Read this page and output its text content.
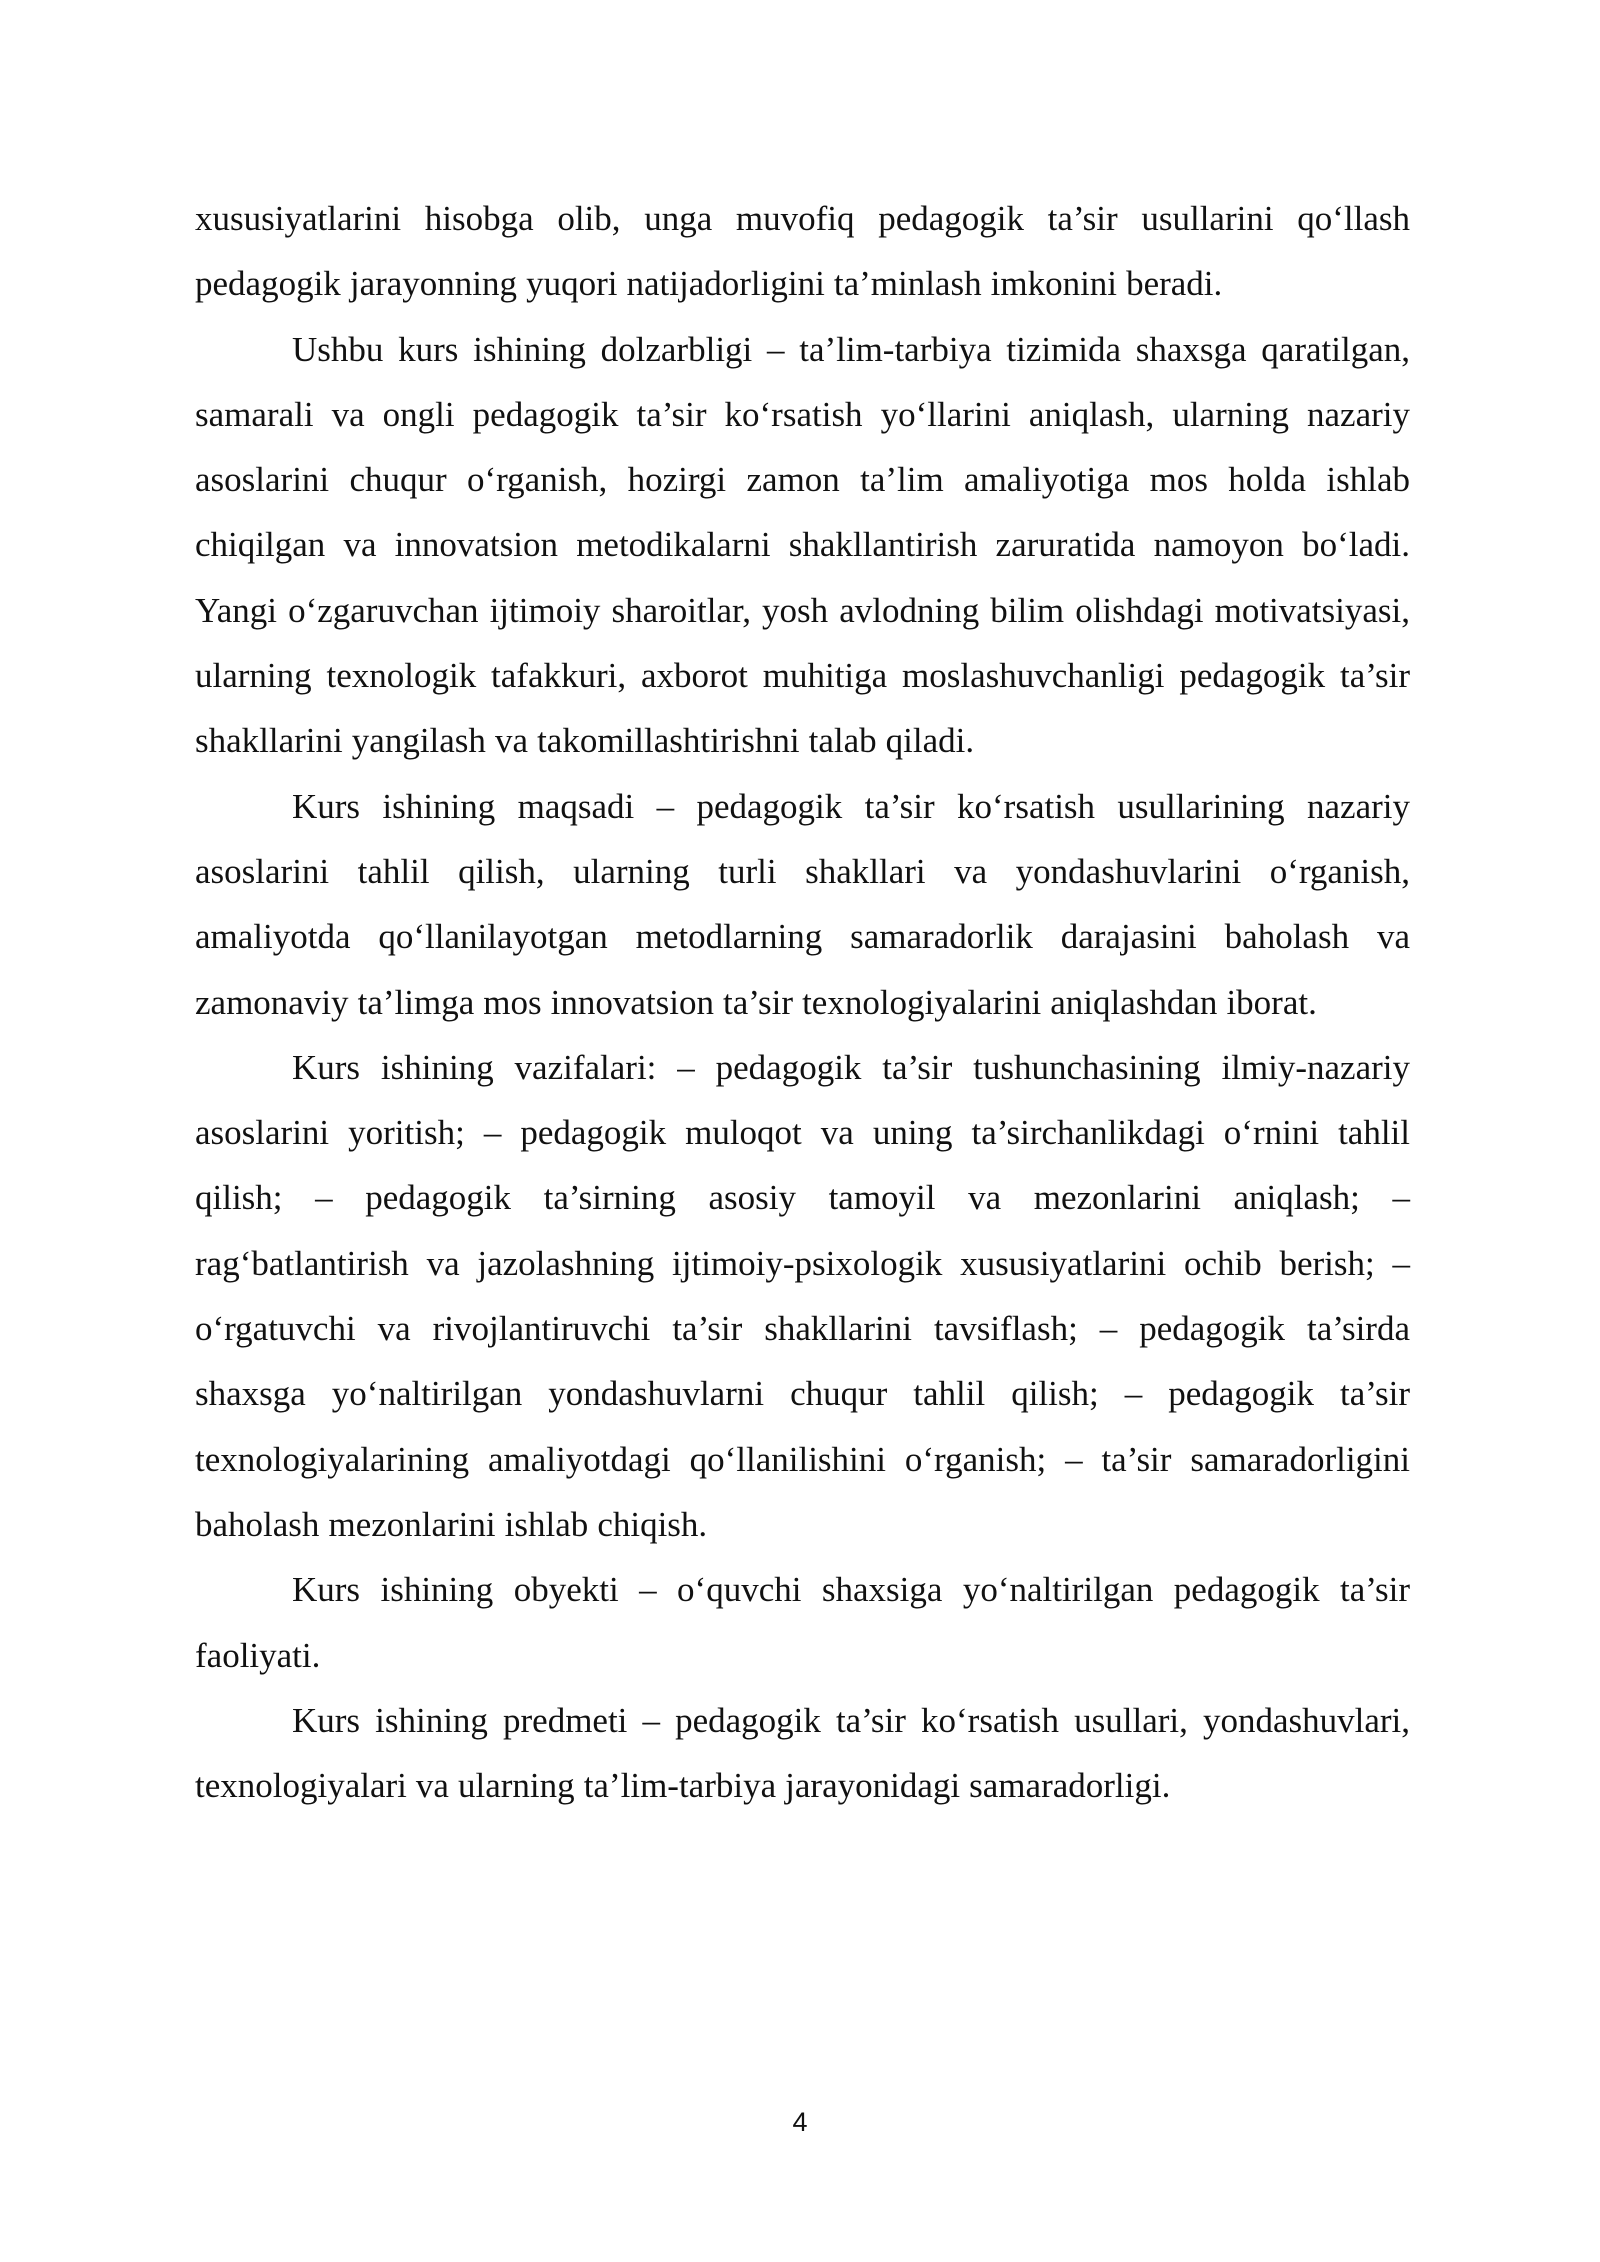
xususiyatlarini hisobga olib, unga muvofiq pedagogik ta’sir usullarini qo‘llash pedagogik jarayonning yuqori natijadorligini ta’minlash imkonini beradi.

Ushbu kurs ishining dolzarbligi – ta’lim-tarbiya tizimida shaxsga qaratilgan, samarali va ongli pedagogik ta’sir ko‘rsatish yo‘llarini aniqlash, ularning nazariy asoslarini chuqur o‘rganish, hozirgi zamon ta’lim amaliyotiga mos holda ishlab chiqilgan va innovatsion metodikalarni shakllantirish zaruratida namoyon bo‘ladi. Yangi o‘zgaruvchan ijtimoiy sharoitlar, yosh avlodning bilim olishdagi motivatsiyasi, ularning texnologik tafakkuri, axborot muhitiga moslashuvchanligi pedagogik ta’sir shakllarini yangilash va takomillashtirishni talab qiladi.

Kurs ishining maqsadi – pedagogik ta’sir ko‘rsatish usullarining nazariy asoslarini tahlil qilish, ularning turli shakllari va yondashuvlarini o‘rganish, amaliyotda qo‘llanilayotgan metodlarning samaradorlik darajasini baholash va zamonaviy ta’limga mos innovatsion ta’sir texnologiyalarini aniqlashdan iborat.

Kurs ishining vazifalari: – pedagogik ta’sir tushunchasining ilmiy-nazariy asoslarini yoritish; – pedagogik muloqot va uning ta’sirchanlikdagi o‘rnini tahlil qilish; – pedagogik ta’sirning asosiy tamoyil va mezonlarini aniqlash; – rag‘batlantirish va jazolashning ijtimoiy-psixologik xususiyatlarini ochib berish; – o‘rgatuvchi va rivojlantiruvchi ta’sir shakllarini tavsiflash; – pedagogik ta’sirda shaxsga yo‘naltirilgan yondashuvlarni chuqur tahlil qilish; – pedagogik ta’sir texnologiyalarining amaliyotdagi qo‘llanilishini o‘rganish; – ta’sir samaradorligini baholash mezonlarini ishlab chiqish.

Kurs ishining obyekti – o‘quvchi shaxsiga yo‘naltirilgan pedagogik ta’sir faoliyati.

Kurs ishining predmeti – pedagogik ta’sir ko‘rsatish usullari, yondashuvlari, texnologiyalari va ularning ta’lim-tarbiya jarayonidagi samaradorligi.

4
